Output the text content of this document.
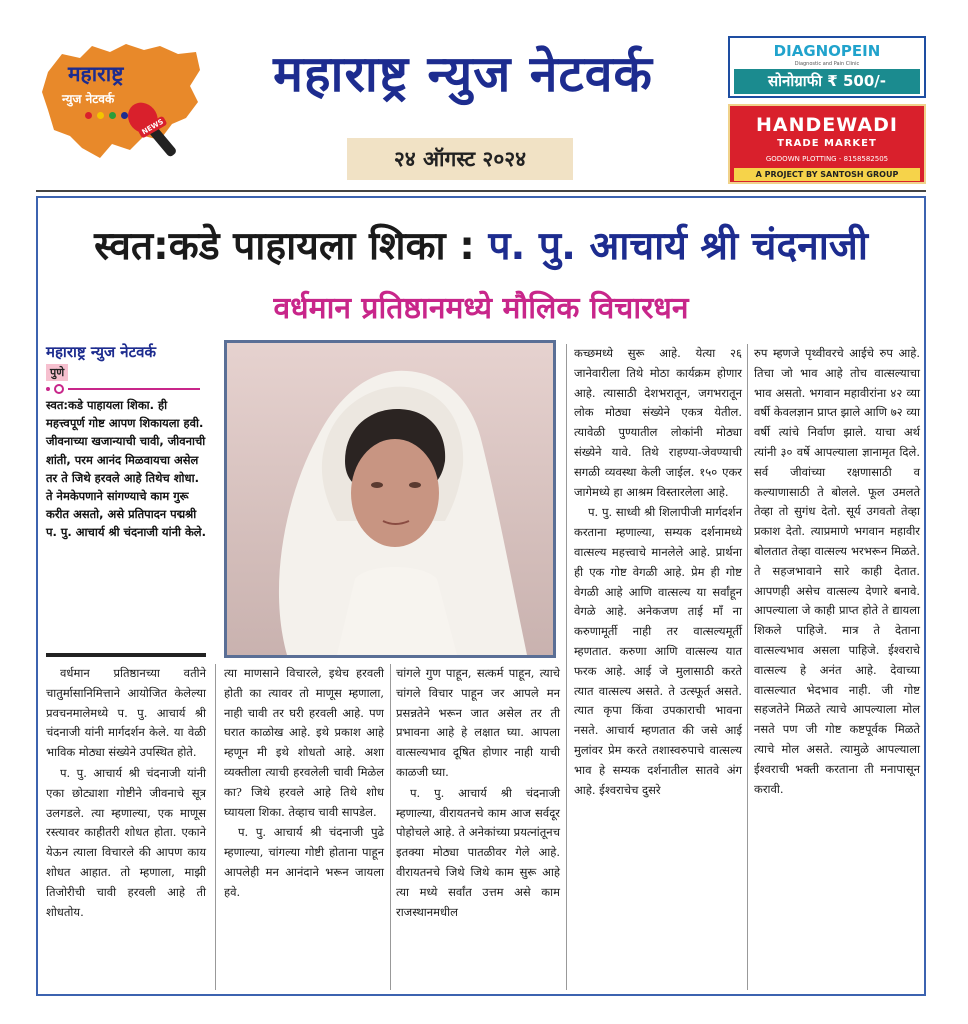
महाराष्ट्र
न्युज नेटवर्क
NEWS
महाराष्ट्र न्युज नेटवर्क
२४ ऑगस्ट २०२४
DIAGNOPEIN
Diagnostic and Pain Clinic
सोनोग्राफी ₹ 500/-
HANDEWADI
TRADE MARKET
GODOWN PLOTTING - 8158582505
A PROJECT BY SANTOSH GROUP
स्वत:कडे पाहायला शिका : प. पु. आचार्य श्री चंदनाजी
वर्धमान प्रतिष्ठानमध्ये मौलिक विचारधन
महाराष्ट्र न्युज नेटवर्क
पुणे
स्वत:कडे पाहायला शिका. ही महत्त्वपूर्ण गोष्ट आपण शिकायला हवी. जीवनाच्या खजान्याची चावी, जीवनाची शांती, परम आनंद मिळवायचा असेल तर ते जिथे हरवले आहे तिथेच शोधा. ते नेमकेपणाने सांगण्याचे काम गुरू करीत असतो, असे प्रतिपादन पद्मश्री प. पु. आचार्य श्री चंदनाजी यांनी केले.

वर्धमान प्रतिष्ठानच्या वतीने चातुर्मासानिमित्ताने आयोजित केलेल्या प्रवचनमालेमध्ये प. पु. आचार्य श्री चंदनाजी यांनी मार्गदर्शन केले. या वेळी भाविक मोठ्या संख्येने उपस्थित होते.

प. पु. आचार्य श्री चंदनाजी यांनी एका छोट्याशा गोष्टीने जीवनाचे सूत्र उलगडले. त्या म्हणाल्या, एक माणूस रस्त्यावर काहीतरी शोधत होता. एकाने येऊन त्याला विचारले की आपण काय शोधत आहात. तो म्हणाला, माझी तिजोरीची चावी हरवली आहे ती शोधतोय.

त्या माणसाने विचारले, इथेच हरवली होती का त्यावर तो माणूस म्हणाला, नाही चावी तर घरी हरवली आहे. पण घरात काळोख आहे. इथे प्रकाश आहे म्हणून मी इथे शोधतो आहे. अशा व्यक्तीला त्याची हरवलेली चावी मिळेल का? जिथे हरवले आहे तिथे शोध घ्यायला शिका. तेव्हाच चावी सापडेल.

प. पु. आचार्य श्री चंदनाजी पुढे म्हणाल्या, चांगल्या गोष्टी होताना पाहून आपलेही मन आनंदाने भरून जायला हवे.

चांगले गुण पाहून, सत्कर्म पाहून, त्याचे चांगले विचार पाहून जर आपले मन प्रसन्नतेने भरून जात असेल तर ती प्रभावना आहे हे लक्षात घ्या. आपला वात्सल्यभाव दूषित होणार नाही याची काळजी घ्या.

प. पु. आचार्य श्री चंदनाजी म्हणाल्या, वीरायतनचे काम आज सर्वदूर पोहोचले आहे. ते अनेकांच्या प्रयत्नांतूनच इतक्या मोठ्या पातळीवर गेले आहे. वीरायतनचे जिथे जिथे काम सुरू आहे त्या मध्ये सर्वांत उत्तम असे काम राजस्थानमधील

कच्छमध्ये सुरू आहे. येत्या २६ जानेवारीला तिथे मोठा कार्यक्रम होणार आहे. त्यासाठी देशभरातून, जगभरातून लोक मोठ्या संख्येने एकत्र येतील. त्यावेळी पुण्यातील लोकांनी मोठ्या संख्येने यावे. तिथे राहण्या-जेवण्याची सगळी व्यवस्था केली जाईल. १५० एकर जागेमध्ये हा आश्रम विस्तारलेला आहे.

प. पु. साध्वी श्री शिलापीजी मार्गदर्शन करताना म्हणाल्या, सम्यक दर्शनामध्ये वात्सल्य महत्त्वाचे मानलेले आहे. प्रार्थना ही एक गोष्ट वेगळी आहे. प्रेम ही गोष्ट वेगळी आहे आणि वात्सल्य या सर्वांहून वेगळे आहे. अनेकजण ताई माँ ना करुणामूर्ती नाही तर वात्सल्यमूर्ती म्हणतात. करुणा आणि वात्सल्य यात फरक आहे. आई जे मुलासाठी करते त्यात वात्सल्य असते. ते उत्स्फूर्त असते. त्यात कृपा किंवा उपकाराची भावना नसते. आचार्य म्हणतात की जसे आई मुलांवर प्रेम करते तशास्वरुपाचे वात्सल्य भाव हे सम्यक दर्शनातील सातवे अंग आहे. ईश्वराचेच दुसरे

रुप म्हणजे पृथ्वीवरचे आईचे रुप आहे. तिचा जो भाव आहे तोच वात्सल्याचा भाव असतो. भगवान महावीरांना ४२ व्या वर्षी केवलज्ञान प्राप्त झाले आणि ७२ व्या वर्षी त्यांचे निर्वाण झाले. याचा अर्थ त्यांनी ३० वर्षे आपल्याला ज्ञानामृत दिले. सर्व जीवांच्या रक्षणासाठी व कल्याणासाठी ते बोलले. फूल उमलते तेव्हा तो सुगंध देतो. सूर्य उगवतो तेव्हा प्रकाश देतो. त्याप्रमाणे भगवान महावीर बोलतात तेव्हा वात्सल्य भरभरून मिळते. ते सहजभावाने सारे काही देतात. आपणही असेच वात्सल्य देणारे बनावे. आपल्याला जे काही प्राप्त होते ते द्यायला शिकले पाहिजे. मात्र ते देताना वात्सल्यभाव असला पाहिजे. ईश्वराचे वात्सल्य हे अनंत आहे. देवाच्या वात्सल्यात भेदभाव नाही. जी गोष्ट सहजतेने मिळते त्याचे आपल्याला मोल नसते पण जी गोष्ट कष्टपूर्वक मिळते त्याचे मोल असते. त्यामुळे आपल्याला ईश्वराची भक्ती करताना ती मनापासून करावी.
